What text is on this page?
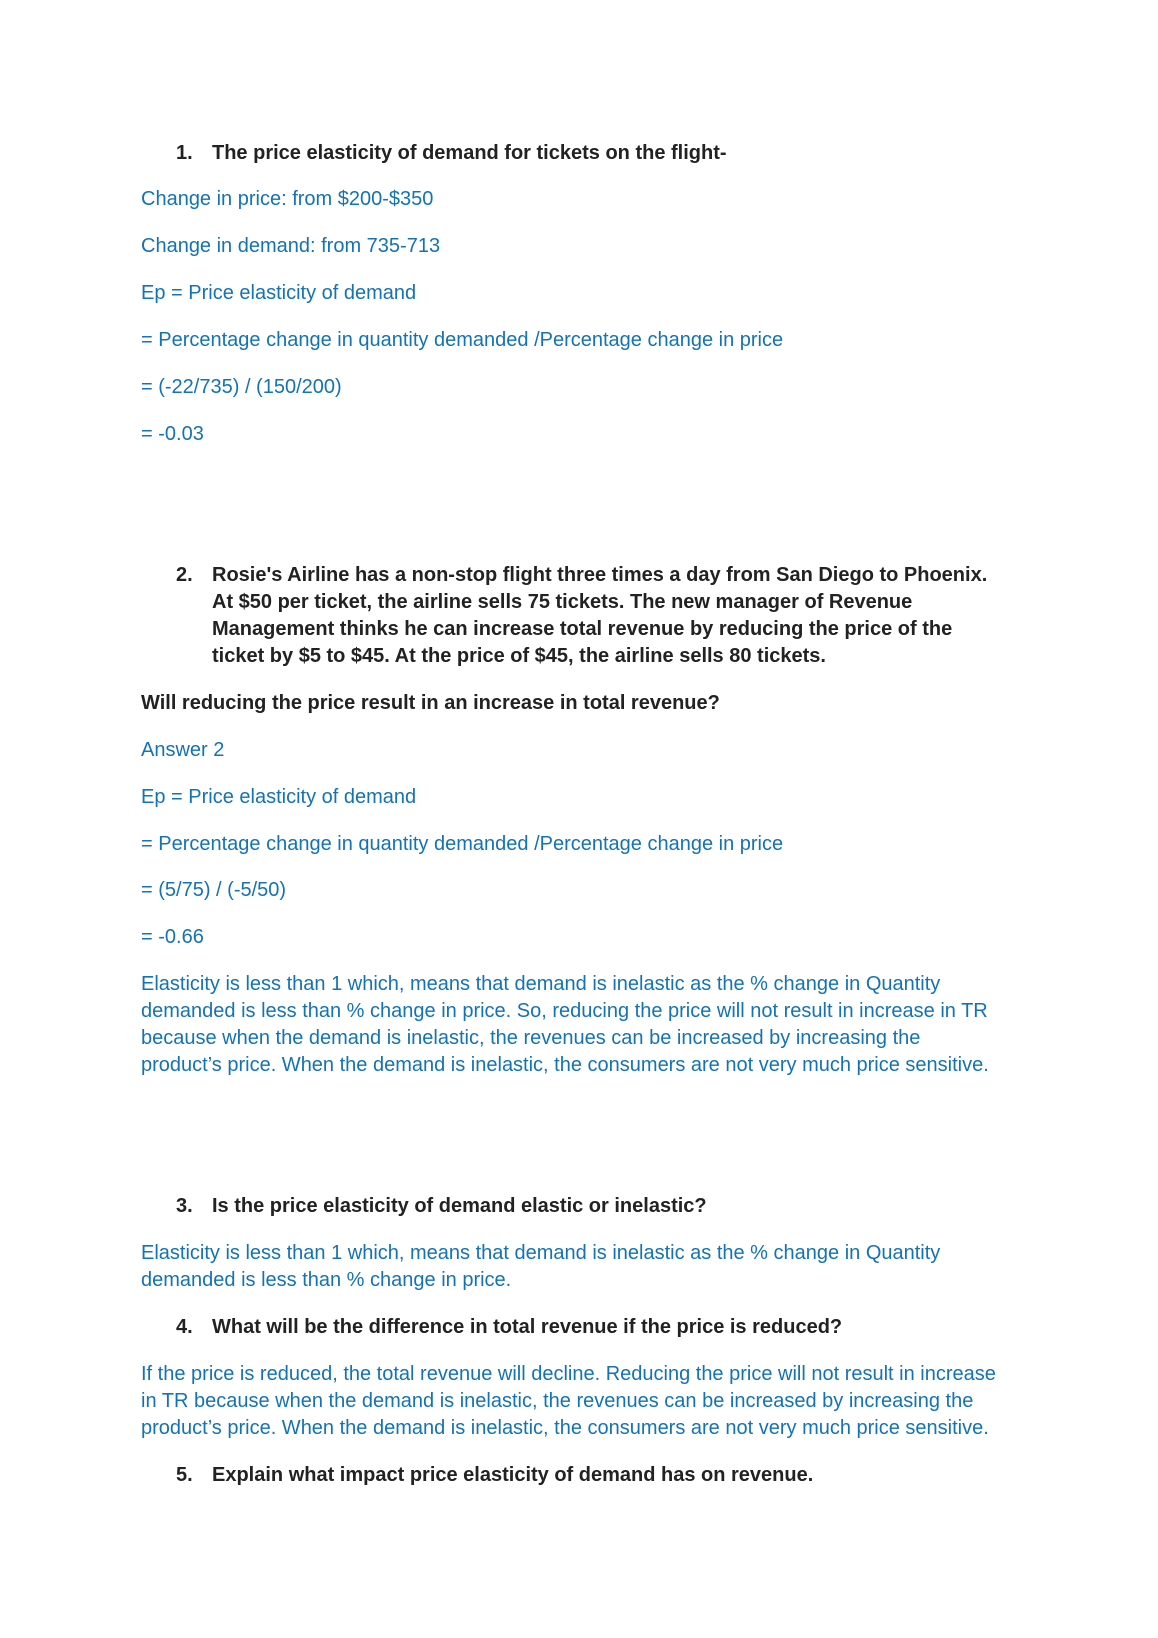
1. The price elasticity of demand for tickets on the flight-

Change in price: from $200-$350

Change in demand: from 735-713

Ep = Price elasticity of demand

= Percentage change in quantity demanded /Percentage change in price

= (-22/735) / (150/200)

= -0.03

2. Rosie's Airline has a non-stop flight three times a day from San Diego to Phoenix.

At $50 per ticket, the airline sells 75 tickets. The new manager of Revenue

Management thinks he can increase total revenue by reducing the price of the

ticket by $5 to $45. At the price of $45, the airline sells 80 tickets.

Will reducing the price result in an increase in total revenue?

Answer 2

Ep = Price elasticity of demand

= Percentage change in quantity demanded /Percentage change in price

= (5/75) / (-5/50)

= -0.66

Elasticity is less than 1 which, means that demand is inelastic as the % change in Quantity

demanded is less than % change in price. So, reducing the price will not result in increase in TR

because when the demand is inelastic, the revenues can be increased by increasing the

product’s price. When the demand is inelastic, the consumers are not very much price sensitive.

3. Is the price elasticity of demand elastic or inelastic?

Elasticity is less than 1 which, means that demand is inelastic as the % change in Quantity

demanded is less than % change in price.

4. What will be the difference in total revenue if the price is reduced?

If the price is reduced, the total revenue will decline. Reducing the price will not result in increase

in TR because when the demand is inelastic, the revenues can be increased by increasing the

product’s price. When the demand is inelastic, the consumers are not very much price sensitive.

5. Explain what impact price elasticity of demand has on revenue.
